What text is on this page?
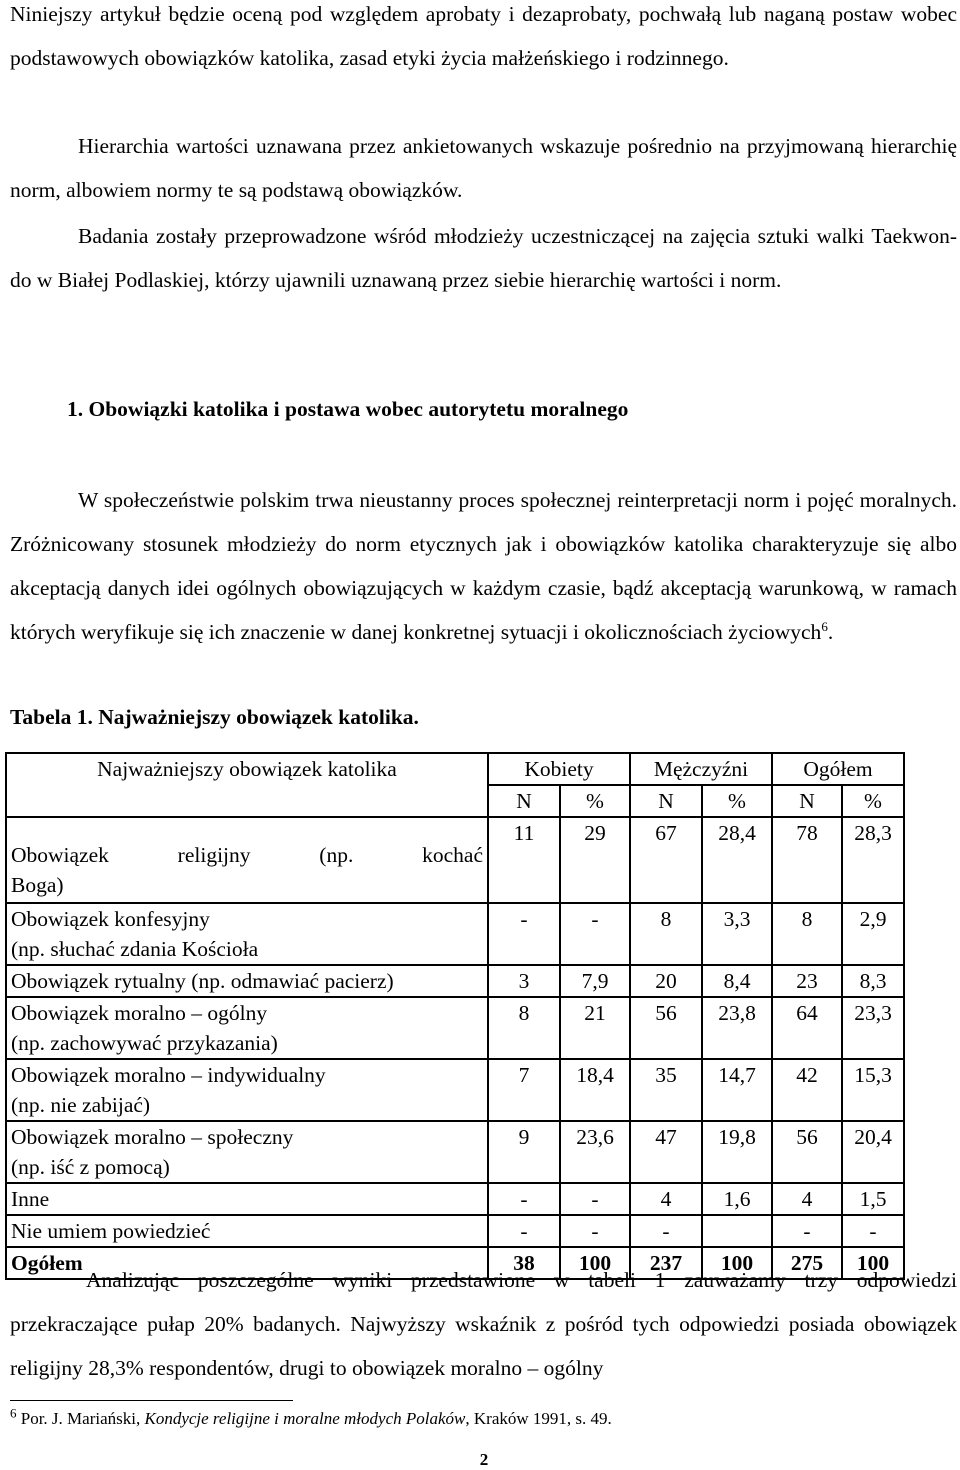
Niniejszy artykuł będzie oceną pod względem aprobaty i dezaprobaty, pochwałą lub naganą postaw wobec podstawowych obowiązków katolika, zasad etyki życia małżeńskiego i rodzinnego.

Hierarchia wartości uznawana przez ankietowanych wskazuje pośrednio na przyjmowaną hierarchię norm, albowiem normy te są podstawą obowiązków.

Badania zostały przeprowadzone wśród młodzieży uczestniczącej na zajęcia sztuki walki Taekwon-do w Białej Podlaskiej, którzy ujawnili uznawaną przez siebie hierarchię wartości i norm.

1. Obowiązki katolika i postawa wobec autorytetu moralnego

W społeczeństwie polskim trwa nieustanny proces społecznej reinterpretacji norm i pojęć moralnych. Zróżnicowany stosunek młodzieży do norm etycznych jak i obowiązków katolika charakteryzuje się albo akceptacją danych idei ogólnych obowiązujących w każdym czasie, bądź akceptacją warunkową, w ramach których weryfikuje się ich znaczenie w danej konkretnej sytuacji i okolicznościach życiowych$^6$.

Tabela 1. Najważniejszy obowiązek katolika.

Najważniejszy obowiązek katolika	Kobiety		Mężczyźni		Ogółem	
	N	%	N	%	N	%

Obowiązek religijny (np. kochać
Boga)	11	29	67	28,4	78	28,3

Obowiązek konfesyjny
(np. słuchać zdania Kościoła	-	-	8	3,3	8	2,9

Obowiązek rytualny (np. odmawiać pacierz)	3	7,9	20	8,4	23	8,3

Obowiązek moralno – ogólny
(np. zachowywać przykazania)	8	21	56	23,8	64	23,3

Obowiązek moralno – indywidualny
(np. nie zabijać)	7	18,4	35	14,7	42	15,3

Obowiązek moralno – społeczny
(np. iść z pomocą)	9	23,6	47	19,8	56	20,4

Inne	-	-	4	1,6	4	1,5

Nie umiem powiedzieć	-	-	-		-	-
Ogółem	38	100	237	100	275	100

Analizując poszczególne wyniki przedstawione w tabeli 1 zauważamy trzy odpowiedzi przekraczające pułap 20% badanych. Najwyższy wskaźnik z pośród tych odpowiedzi posiada obowiązek religijny 28,3% respondentów, drugi to obowiązek moralno – ogólny

$^6$ Por. J. Mariański, Kondycje religijne i moralne młodych Polaków, Kraków 1991, s. 49.

2
